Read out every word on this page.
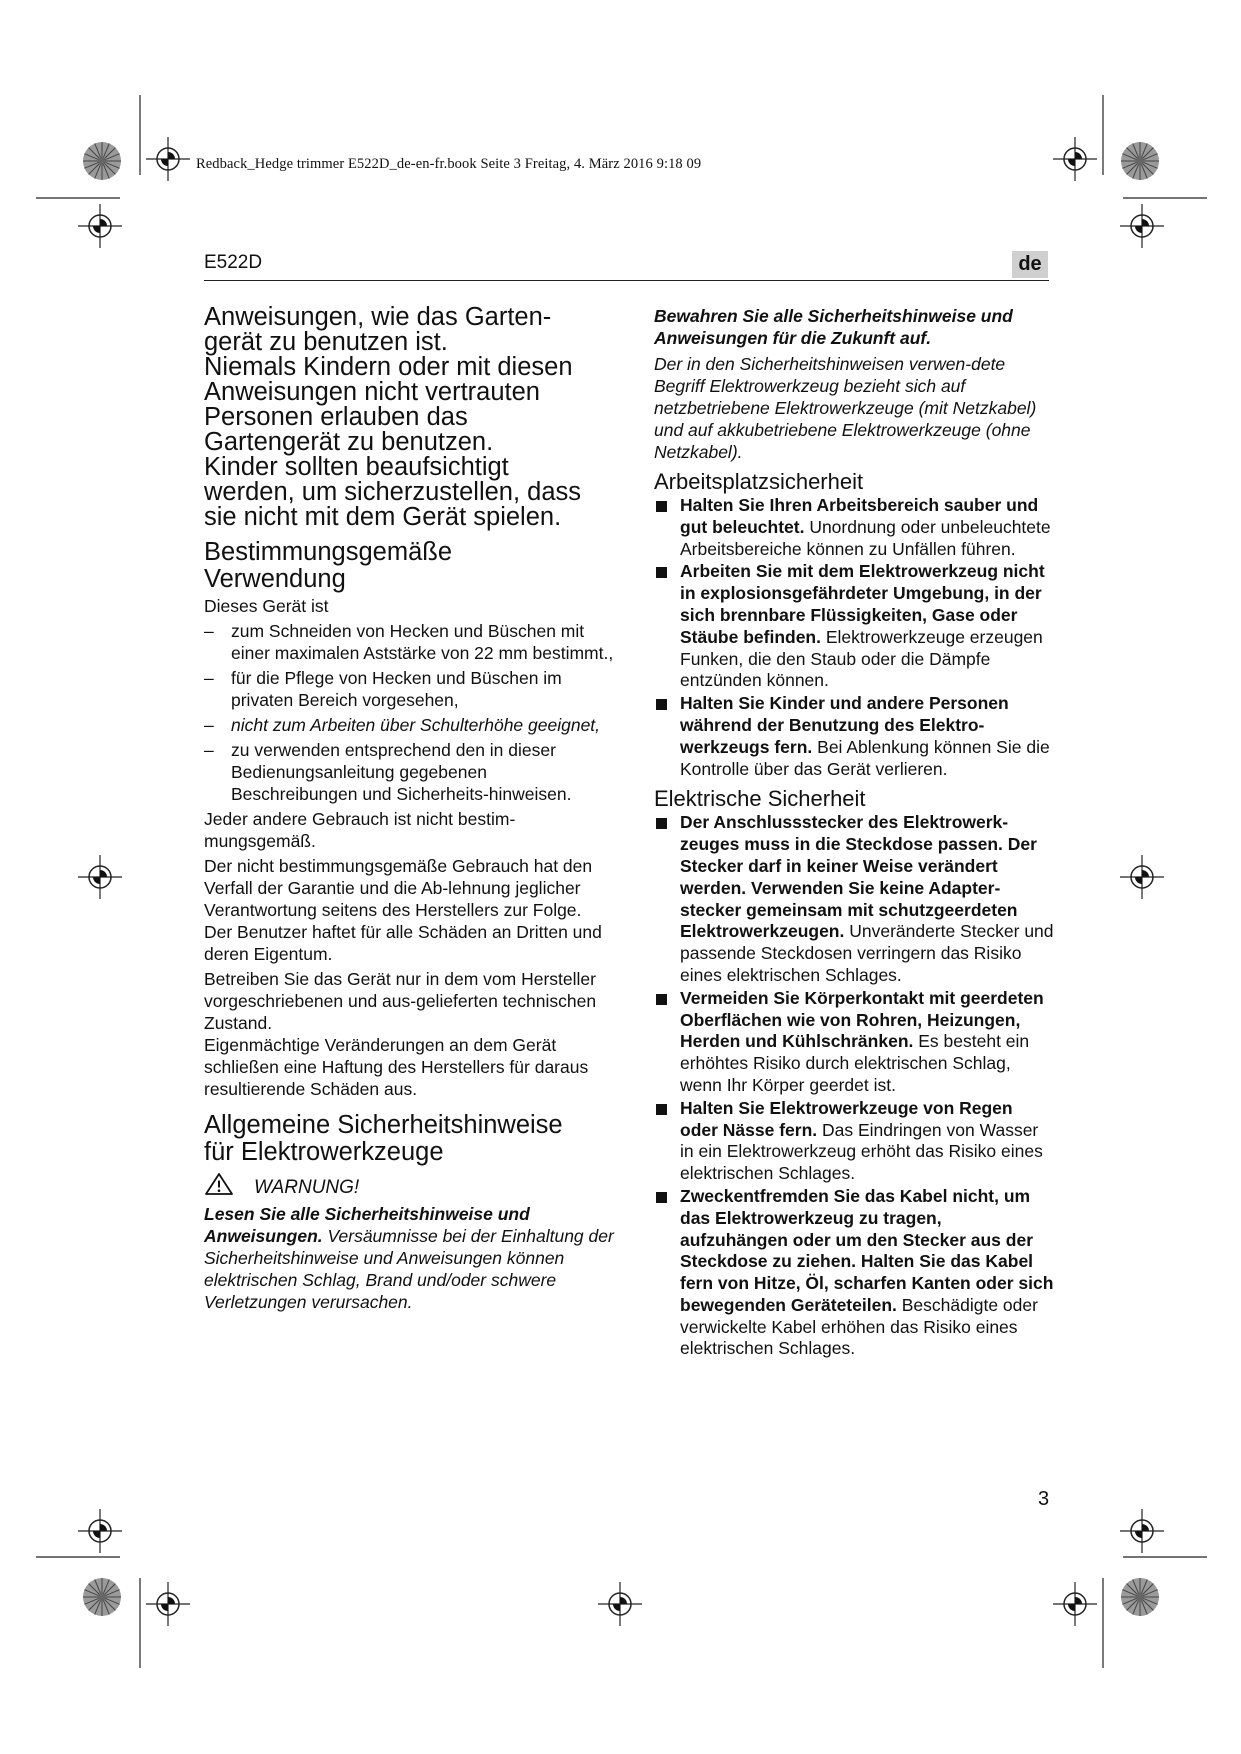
Redback_Hedge trimmer E522D_de-en-fr.book Seite 3 Freitag, 4. März 2016 9:18 09
E522D	de

Anweisungen, wie das Garten-

gerät zu benutzen ist.

Niemals Kindern oder mit diesen

Anweisungen nicht vertrauten

Personen erlauben das

Gartengerät zu benutzen.

Kinder sollten beaufsichtigt

werden, um sicherzustellen, dass

sie nicht mit dem Gerät spielen.

Bestimmungsgemäße
Verwendung

Dieses Gerät ist

– zum Schneiden von Hecken und Büschen mit einer maximalen Aststärke von 22 mm bestimmt.,
– für die Pflege von Hecken und Büschen im privaten Bereich vorgesehen,
– nicht zum Arbeiten über Schulterhöhe geeignet,
– zu verwenden entsprechend den in dieser Bedienungsanleitung gegebenen Beschreibungen und Sicherheits-hinweisen.

Jeder andere Gebrauch ist nicht bestim-mungsgemäß.

Der nicht bestimmungsgemäße Gebrauch hat den Verfall der Garantie und die Ab-lehnung jeglicher Verantwortung seitens des Herstellers zur Folge. Der Benutzer haftet für alle Schäden an Dritten und deren Eigentum.

Betreiben Sie das Gerät nur in dem vom Hersteller vorgeschriebenen und aus-gelieferten technischen Zustand.

Eigenmächtige Veränderungen an dem Gerät schließen eine Haftung des Herstellers für daraus resultierende Schäden aus.

Allgemeine Sicherheitshinweise
für Elektrowerkzeuge
WARNUNG!

Lesen Sie alle Sicherheitshinweise und Anweisungen. Versäumnisse bei der Einhaltung der Sicherheitshinweise und Anweisungen können elektrischen Schlag, Brand und/oder schwere Verletzungen verursachen.

Bewahren Sie alle Sicherheitshinweise und Anweisungen für die Zukunft auf.

Der in den Sicherheitshinweisen verwen-dete Begriff Elektrowerkzeug bezieht sich auf netzbetriebene Elektrowerkzeuge (mit Netzkabel) und auf akkubetriebene Elektrowerkzeuge (ohne Netzkabel).

Arbeitsplatzsicherheit
Halten Sie Ihren Arbeitsbereich sauber und gut beleuchtet. Unordnung oder unbeleuchtete Arbeitsbereiche können zu Unfällen führen.
Arbeiten Sie mit dem Elektrowerkzeug nicht in explosionsgefährdeter Umgebung, in der sich brennbare Flüssigkeiten, Gase oder Stäube befinden. Elektrowerkzeuge erzeugen Funken, die den Staub oder die Dämpfe entzünden können.
Halten Sie Kinder und andere Personen während der Benutzung des Elektro-werkzeugs fern. Bei Ablenkung können Sie die Kontrolle über das Gerät verlieren.
Elektrische Sicherheit
Der Anschlussstecker des Elektrowerk-zeuges muss in die Steckdose passen. Der Stecker darf in keiner Weise verändert werden. Verwenden Sie keine Adapter-stecker gemeinsam mit schutzgeerdeten Elektrowerkzeugen. Unveränderte Stecker und passende Steckdosen verringern das Risiko eines elektrischen Schlages.
Vermeiden Sie Körperkontakt mit geerdeten Oberflächen wie von Rohren, Heizungen, Herden und Kühlschränken. Es besteht ein erhöhtes Risiko durch elektrischen Schlag, wenn Ihr Körper geerdet ist.
Halten Sie Elektrowerkzeuge von Regen oder Nässe fern. Das Eindringen von Wasser in ein Elektrowerkzeug erhöht das Risiko eines elektrischen Schlages.
Zweckentfremden Sie das Kabel nicht, um das Elektrowerkzeug zu tragen, aufzuhängen oder um den Stecker aus der Steckdose zu ziehen. Halten Sie das Kabel fern von Hitze, Öl, scharfen Kanten oder sich bewegenden Geräteteilen. Beschädigte oder verwickelte Kabel erhöhen das Risiko eines elektrischen Schlages.
3
